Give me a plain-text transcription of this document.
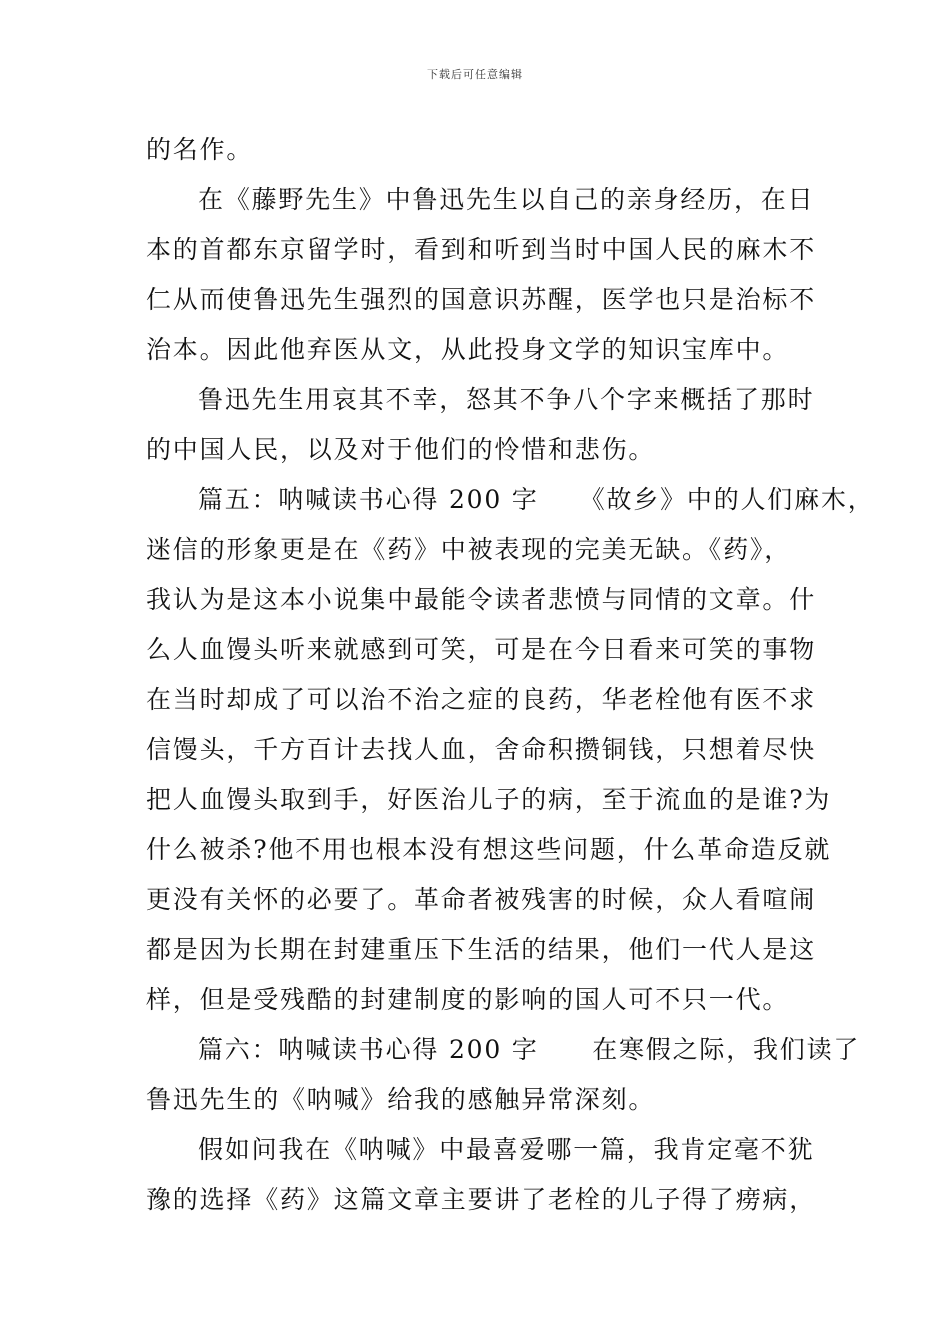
下载后可任意编辑
的名作。
在《藤野先生》中鲁迅先生以自己的亲身经历，在日
本的首都东京留学时，看到和听到当时中国人民的麻木不
仁从而使鲁迅先生强烈的国意识苏醒，医学也只是治标不
治本。因此他弃医从文，从此投身文学的知识宝库中。
鲁迅先生用哀其不幸，怒其不争八个字来概括了那时
的中国人民，以及对于他们的怜惜和悲伤。
篇五：呐喊读书心得 200 字　　《故乡》中的人们麻木，
迷信的形象更是在《药》中被表现的完美无缺。《药》，
我认为是这本小说集中最能令读者悲愤与同情的文章。什
么人血馒头听来就感到可笑，可是在今日看来可笑的事物
在当时却成了可以治不治之症的良药，华老栓他有医不求
信馒头，千方百计去找人血，舍命积攒铜钱，只想着尽快
把人血馒头取到手，好医治儿子的病，至于流血的是谁?为
什么被杀?他不用也根本没有想这些问题，什么革命造反就
更没有关怀的必要了。革命者被残害的时候，众人看喧闹
都是因为长期在封建重压下生活的结果，他们一代人是这
样，但是受残酷的封建制度的影响的国人可不只一代。
篇六：呐喊读书心得 200 字　　在寒假之际，我们读了
鲁迅先生的《呐喊》给我的感触异常深刻。
假如问我在《呐喊》中最喜爱哪一篇，我肯定毫不犹
豫的选择《药》这篇文章主要讲了老栓的儿子得了痨病，
